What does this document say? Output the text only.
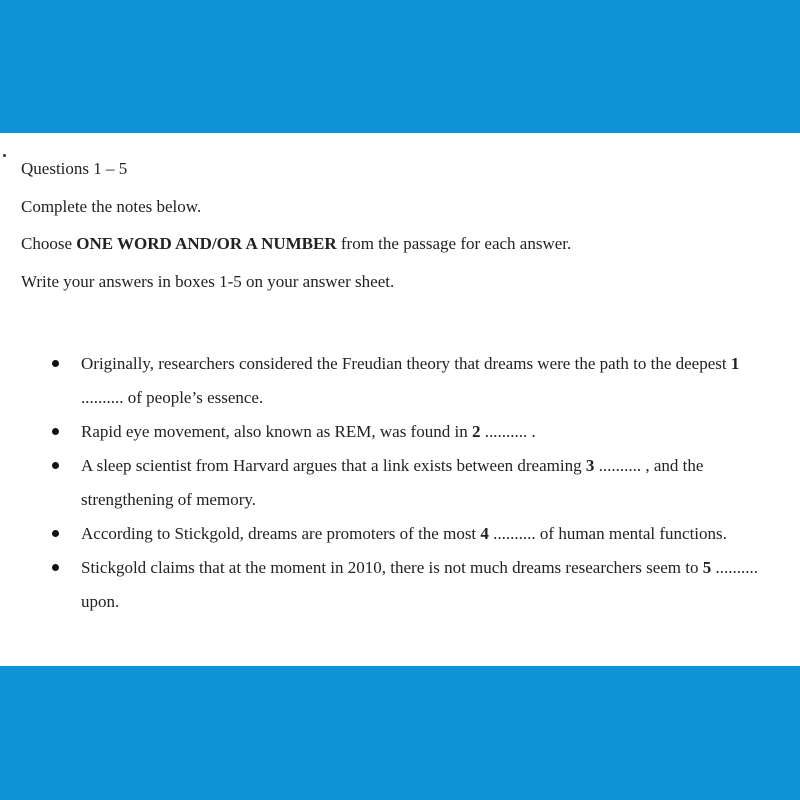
Questions 1 – 5
Complete the notes below.
Choose ONE WORD AND/OR A NUMBER from the passage for each answer.
Write your answers in boxes 1-5 on your answer sheet.
Originally, researchers considered the Freudian theory that dreams were the path to the deepest 1 .......... of people’s essence.
Rapid eye movement, also known as REM, was found in 2 .......... .
A sleep scientist from Harvard argues that a link exists between dreaming 3 .......... , and the strengthening of memory.
According to Stickgold, dreams are promoters of the most 4 .......... of human mental functions.
Stickgold claims that at the moment in 2010, there is not much dreams researchers seem to 5 .......... upon.
